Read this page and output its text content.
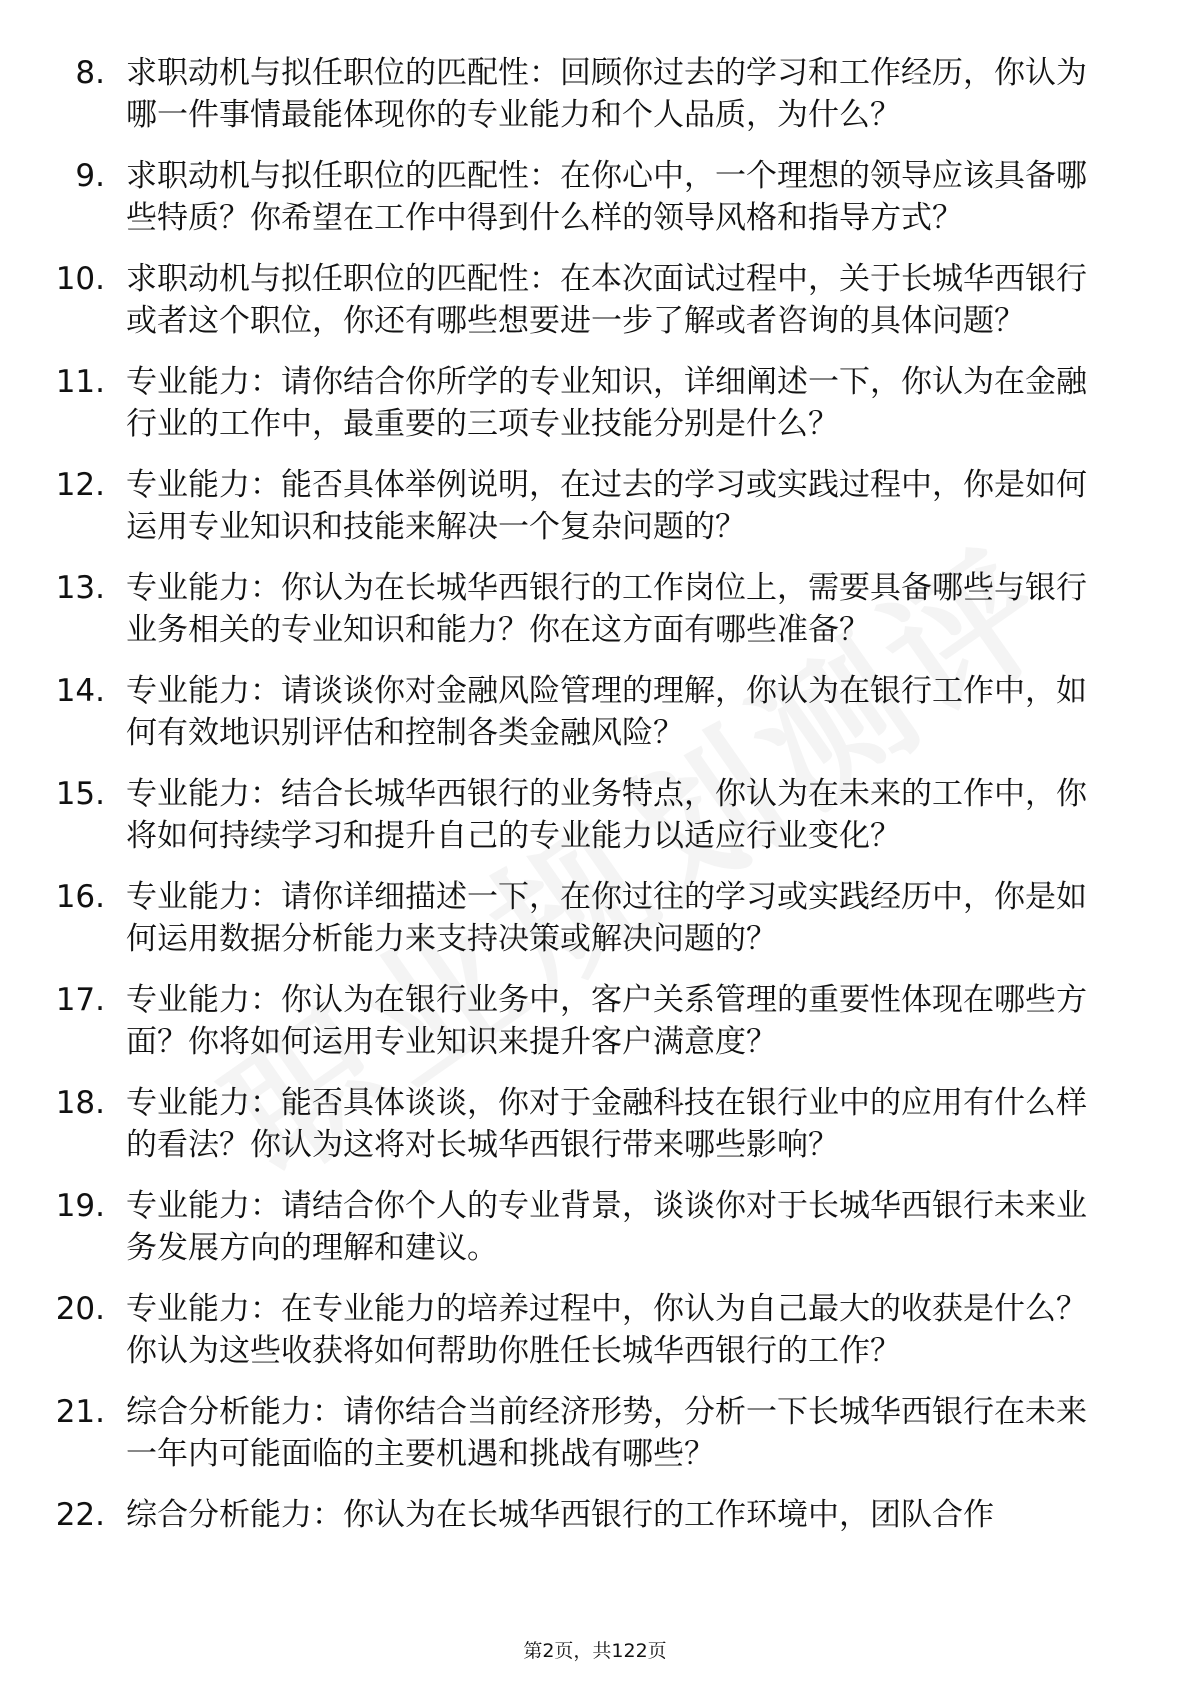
8. 求职动机与拟任职位的匹配性：回顾你过去的学习和工作经历，你认为哪一件事情最能体现你的专业能力和个人品质，为什么？
9. 求职动机与拟任职位的匹配性：在你心中，一个理想的领导应该具备哪些特质？你希望在工作中得到什么样的领导风格和指导方式？
10. 求职动机与拟任职位的匹配性：在本次面试过程中，关于长城华西银行或者这个职位，你还有哪些想要进一步了解或者咨询的具体问题？
11. 专业能力：请你结合你所学的专业知识，详细阐述一下，你认为在金融行业的工作中，最重要的三项专业技能分别是什么？
12. 专业能力：能否具体举例说明，在过去的学习或实践过程中，你是如何运用专业知识和技能来解决一个复杂问题的？
13. 专业能力：你认为在长城华西银行的工作岗位上，需要具备哪些与银行业务相关的专业知识和能力？你在这方面有哪些准备？
14. 专业能力：请谈谈你对金融风险管理的理解，你认为在银行工作中，如何有效地识别评估和控制各类金融风险？
15. 专业能力：结合长城华西银行的业务特点，你认为在未来的工作中，你将如何持续学习和提升自己的专业能力以适应行业变化？
16. 专业能力：请你详细描述一下，在你过往的学习或实践经历中，你是如何运用数据分析能力来支持决策或解决问题的？
17. 专业能力：你认为在银行业务中，客户关系管理的重要性体现在哪些方面？你将如何运用专业知识来提升客户满意度？
18. 专业能力：能否具体谈谈，你对于金融科技在银行业中的应用有什么样的看法？你认为这将对长城华西银行带来哪些影响？
19. 专业能力：请结合你个人的专业背景，谈谈你对于长城华西银行未来业务发展方向的理解和建议。
20. 专业能力：在专业能力的培养过程中，你认为自己最大的收获是什么？你认为这些收获将如何帮助你胜任长城华西银行的工作？
21. 综合分析能力：请你结合当前经济形势，分析一下长城华西银行在未来一年内可能面临的主要机遇和挑战有哪些？
22. 综合分析能力：你认为在长城华西银行的工作环境中，团队合作
第2页，共122页
